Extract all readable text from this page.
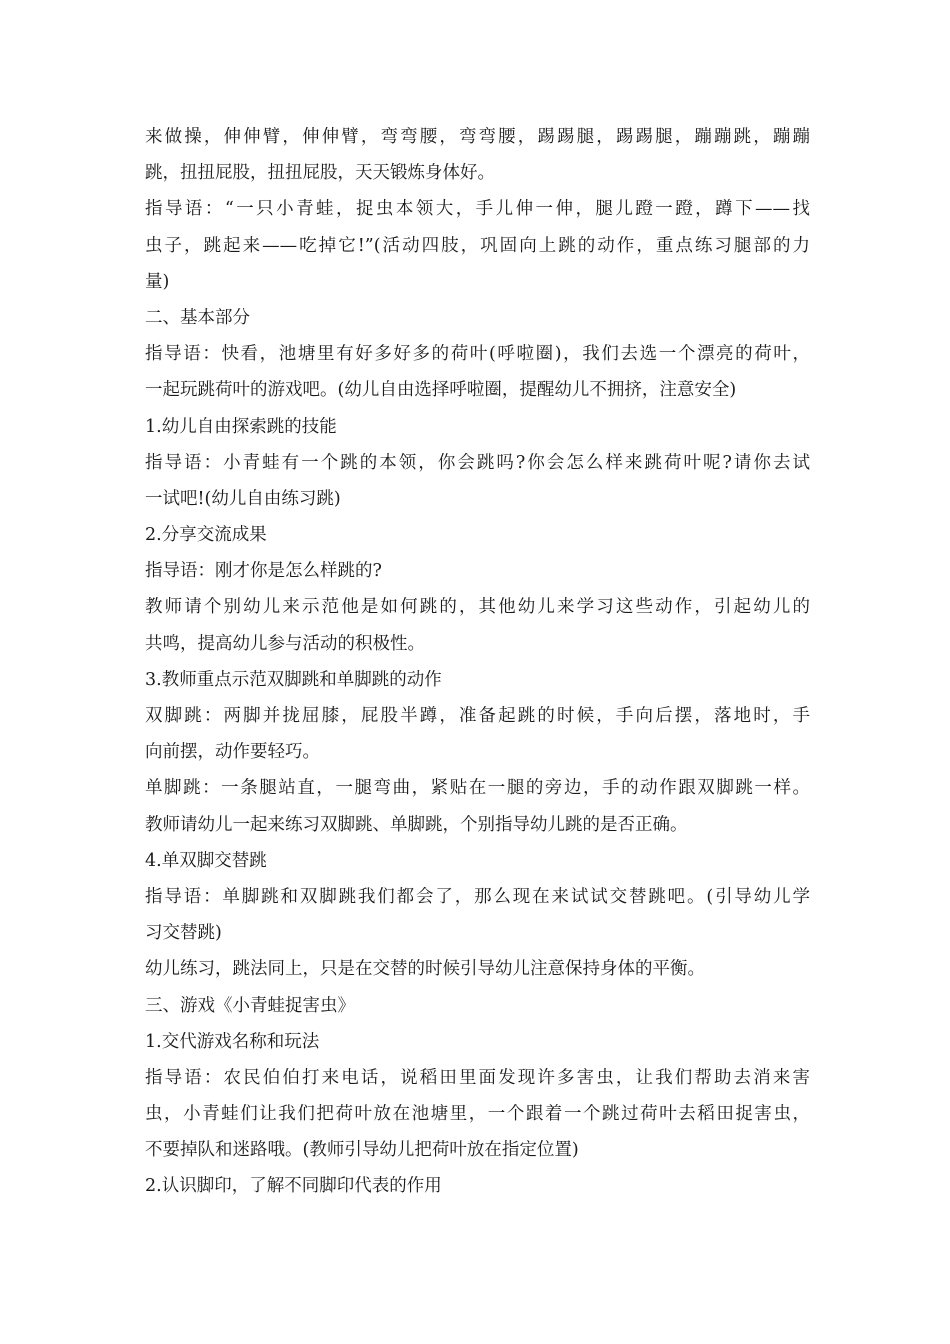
来做操，伸伸臂，伸伸臂，弯弯腰，弯弯腰，踢踢腿，踢踢腿，蹦蹦跳，蹦蹦
跳，扭扭屁股，扭扭屁股，天天锻炼身体好。
指导语：“一只小青蛙，捉虫本领大，手儿伸一伸，腿儿蹬一蹬，蹲下——找
虫子，跳起来——吃掉它!”(活动四肢，巩固向上跳的动作，重点练习腿部的力
量)
二、基本部分
指导语：快看，池塘里有好多好多的荷叶(呼啦圈)，我们去选一个漂亮的荷叶，
一起玩跳荷叶的游戏吧。(幼儿自由选择呼啦圈，提醒幼儿不拥挤，注意安全)
1.幼儿自由探索跳的技能
指导语：小青蛙有一个跳的本领，你会跳吗?你会怎么样来跳荷叶呢?请你去试
一试吧!(幼儿自由练习跳)
2.分享交流成果
指导语：刚才你是怎么样跳的?
教师请个别幼儿来示范他是如何跳的，其他幼儿来学习这些动作，引起幼儿的
共鸣，提高幼儿参与活动的积极性。
3.教师重点示范双脚跳和单脚跳的动作
双脚跳：两脚并拢屈膝，屁股半蹲，准备起跳的时候，手向后摆，落地时，手
向前摆，动作要轻巧。
单脚跳：一条腿站直，一腿弯曲，紧贴在一腿的旁边，手的动作跟双脚跳一样。
教师请幼儿一起来练习双脚跳、单脚跳，个别指导幼儿跳的是否正确。
4.单双脚交替跳
指导语：单脚跳和双脚跳我们都会了，那么现在来试试交替跳吧。(引导幼儿学
习交替跳)
幼儿练习，跳法同上，只是在交替的时候引导幼儿注意保持身体的平衡。
三、游戏《小青蛙捉害虫》
1.交代游戏名称和玩法
指导语：农民伯伯打来电话，说稻田里面发现许多害虫，让我们帮助去消来害
虫，小青蛙们让我们把荷叶放在池塘里，一个跟着一个跳过荷叶去稻田捉害虫，
不要掉队和迷路哦。(教师引导幼儿把荷叶放在指定位置)
2.认识脚印，了解不同脚印代表的作用
